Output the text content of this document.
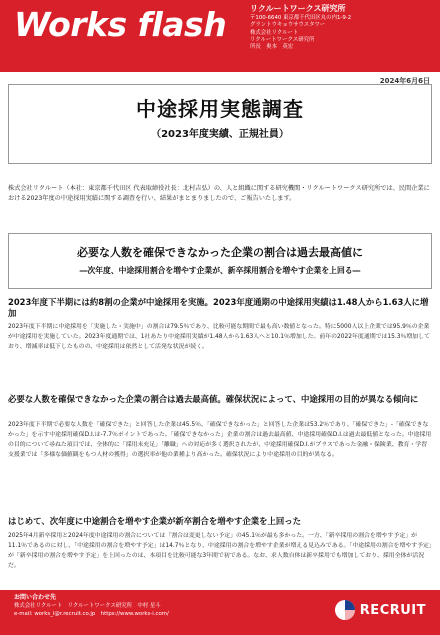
Works flash	リクルートワークス研究所
〒100-6640 東京都千代田区丸の内1-9-2
グラントウキョウサウスタワー
株式会社リクルート
リクルートワークス研究所
所長　奥本　英宏
2024年6月6日
中途採用実態調査
（2023年度実績、正規社員）
株式会社リクルート（本社：東京都千代田区 代表取締役社長：北村吉弘）の、人と組織に関する研究機関・リクルートワークス研究所では、民間企業における2023年度の中途採用実績に関する調査を行い、結果がまとまりましたので、ご報告いたします。
必要な人数を確保できなかった企業の割合は過去最高値に
―次年度、中途採用割合を増やす企業が、新卒採用割合を増やす企業を上回る―
2023年度下半期には約8割の企業が中途採用を実施。2023年度通期の中途採用実績は1.48人から1.63人に増加
2023年度下半期に中途採用を「実施した・実施中」の割合は79.5％であり、比較可能な期間で最も高い数値となった。特に5000人以上企業では95.9％の企業が中途採用を実施していた。2023年度通期では、1社あたり中途採用実績が1.48人から1.63人へと10.1％増加した。前年の2022年度通期では15.3％増加しており、増減率は低下したものの、中途採用は依然として活発な状況が続く。
必要な人数を確保できなかった企業の割合は過去最高値。確保状況によって、中途採用の目的が異なる傾向に
2023年度下半期で必要な人数を「確保できた」と回答した企業は45.5％、「確保できなかった」と回答した企業は53.2％であり、「確保できた」-「確保できなかった」を示す中途採用確保D.I.は-7.7％ポイントであった。「確保できなかった」企業の割合は過去最高値、中途採用確保D.I.は過去最低値となった。中途採用の目的について尋ねた項目では、全体的に「採用未充足」「離職」への対応が多く選択されたが、中途採用確保D.I.がプラスであった金融・保険業、教育・学習支援業では「多様な価値観をもつ人材の獲得」の選択率が他の業種より高かった。確保状況により中途採用の目的が異なる。
はじめて、次年度に中途割合を増やす企業が新卒割合を増やす企業を上回った
2025年4月新卒採用と2024年度中途採用の割合については「割合は変更しない予定」の45.1％が最も多かった。一方、「新卒採用の割合を増やす予定」が11.1％であるのに対し、「中途採用の割合を増やす予定」は14.7％となり、中途採用の割合を増やす企業が増える見込みである。「中途採用の割合を増やす予定」が「新卒採用の割合を増やす予定」を上回ったのは、本項目を比較可能な3年間で初である。なお、求人数自体は新卒採用でも増加しており、採用全体が活況だ。
お問い合わせ先
株式会社リクルート　リクルートワークス研究所　中村 星斗
e-mail: works_l@r.recruit.co.jp　https://www.works-i.com/	RECRUIT
